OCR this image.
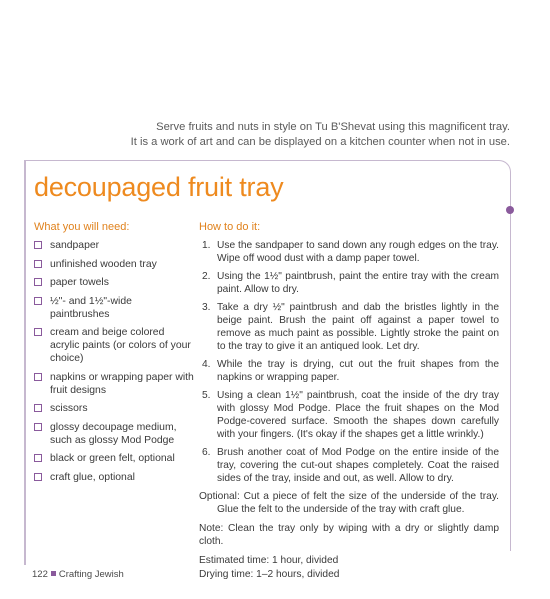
Serve fruits and nuts in style on Tu B'Shevat using this magnificent tray.

It is a work of art and can be displayed on a kitchen counter when not in use.

decoupaged fruit tray

What you will need:

sandpaper
unfinished wooden tray
paper towels
½"- and 1½"-wide paintbrushes
cream and beige colored acrylic paints (or colors of your choice)
napkins or wrapping paper with fruit designs
scissors
glossy decoupage medium, such as glossy Mod Podge
black or green felt, optional
craft glue, optional

How to do it:

1. Use the sandpaper to sand down any rough edges on the tray. Wipe off wood dust with a damp paper towel.
2. Using the 1½" paintbrush, paint the entire tray with the cream paint. Allow to dry.
3. Take a dry ½" paintbrush and dab the bristles lightly in the beige paint. Brush the paint off against a paper towel to remove as much paint as possible. Lightly stroke the paint on to the tray to give it an antiqued look. Let dry.
4. While the tray is drying, cut out the fruit shapes from the napkins or wrapping paper.
5. Using a clean 1½" paintbrush, coat the inside of the dry tray with glossy Mod Podge. Place the fruit shapes on the Mod Podge-covered surface. Smooth the shapes down carefully with your fingers. (It's okay if the shapes get a little wrinkly.)
6. Brush another coat of Mod Podge on the entire inside of the tray, covering the cut-out shapes completely. Coat the raised sides of the tray, inside and out, as well. Allow to dry.

Optional: Cut a piece of felt the size of the underside of the tray. Glue the felt to the underside of the tray with craft glue.

Note: Clean the tray only by wiping with a dry or slightly damp cloth.

Estimated time: 1 hour, divided

Drying time: 1–2 hours, divided

122 Crafting Jewish
